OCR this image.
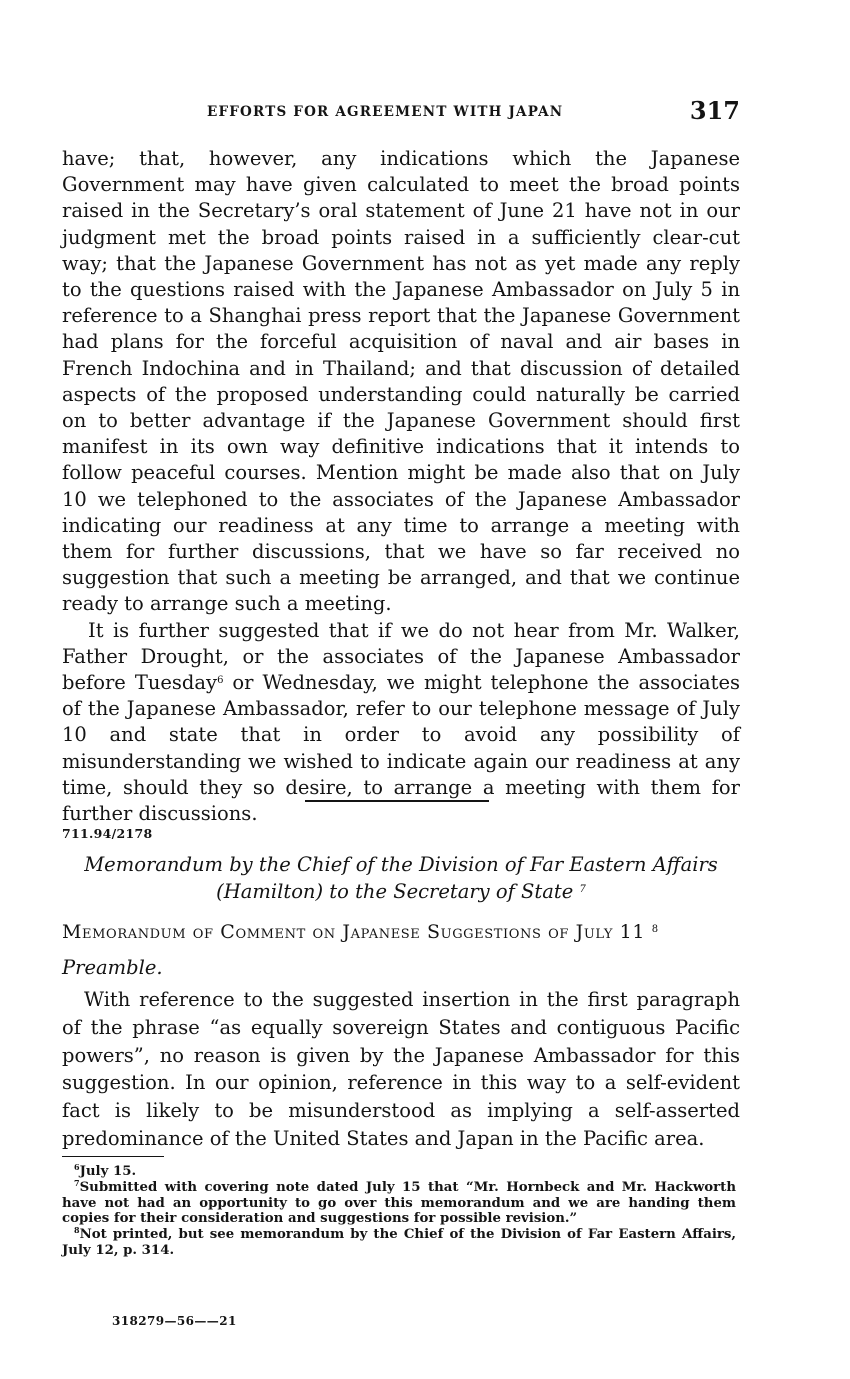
EFFORTS FOR AGREEMENT WITH JAPAN	317

have; that, however, any indications which the Japanese Government may have given calculated to meet the broad points raised in the Secretary’s oral statement of June 21 have not in our judgment met the broad points raised in a sufficiently clear-cut way; that the Japanese Government has not as yet made any reply to the questions raised with the Japanese Ambassador on July 5 in reference to a Shanghai press report that the Japanese Government had plans for the forceful acquisition of naval and air bases in French Indochina and in Thailand; and that discussion of detailed aspects of the proposed understanding could naturally be carried on to better advantage if the Japanese Government should first manifest in its own way definitive indications that it intends to follow peaceful courses. Mention might be made also that on July 10 we telephoned to the associates of the Japanese Ambassador indicating our readiness at any time to arrange a meeting with them for further discussions, that we have so far received no suggestion that such a meeting be arranged, and that we continue ready to arrange such a meeting.

It is further suggested that if we do not hear from Mr. Walker, Father Drought, or the associates of the Japanese Ambassador before Tuesday$^6$ or Wednesday, we might telephone the associates of the Japanese Ambassador, refer to our telephone message of July 10 and state that in order to avoid any possibility of misunderstanding we wished to indicate again our readiness at any time, should they so desire, to arrange a meeting with them for further discussions.

711.94/2178
Memorandum by the Chief of the Division of Far Eastern Affairs
(Hamilton) to the Secretary of State $^7$
Memorandum of Comment on Japanese Suggestions of July 11 $^8$
Preamble.

With reference to the suggested insertion in the first paragraph of the phrase “as equally sovereign States and contiguous Pacific powers”, no reason is given by the Japanese Ambassador for this suggestion. In our opinion, reference in this way to a self-evident fact is likely to be misunderstood as implying a self-asserted predominance of the United States and Japan in the Pacific area.

$^6$July 15.
$^7$Submitted with covering note dated July 15 that “Mr. Hornbeck and Mr. Hackworth have not had an opportunity to go over this memorandum and we are handing them copies for their consideration and suggestions for possible revision.”
$^8$Not printed, but see memorandum by the Chief of the Division of Far Eastern Affairs, July 12, p. 314.
318279—56——21
